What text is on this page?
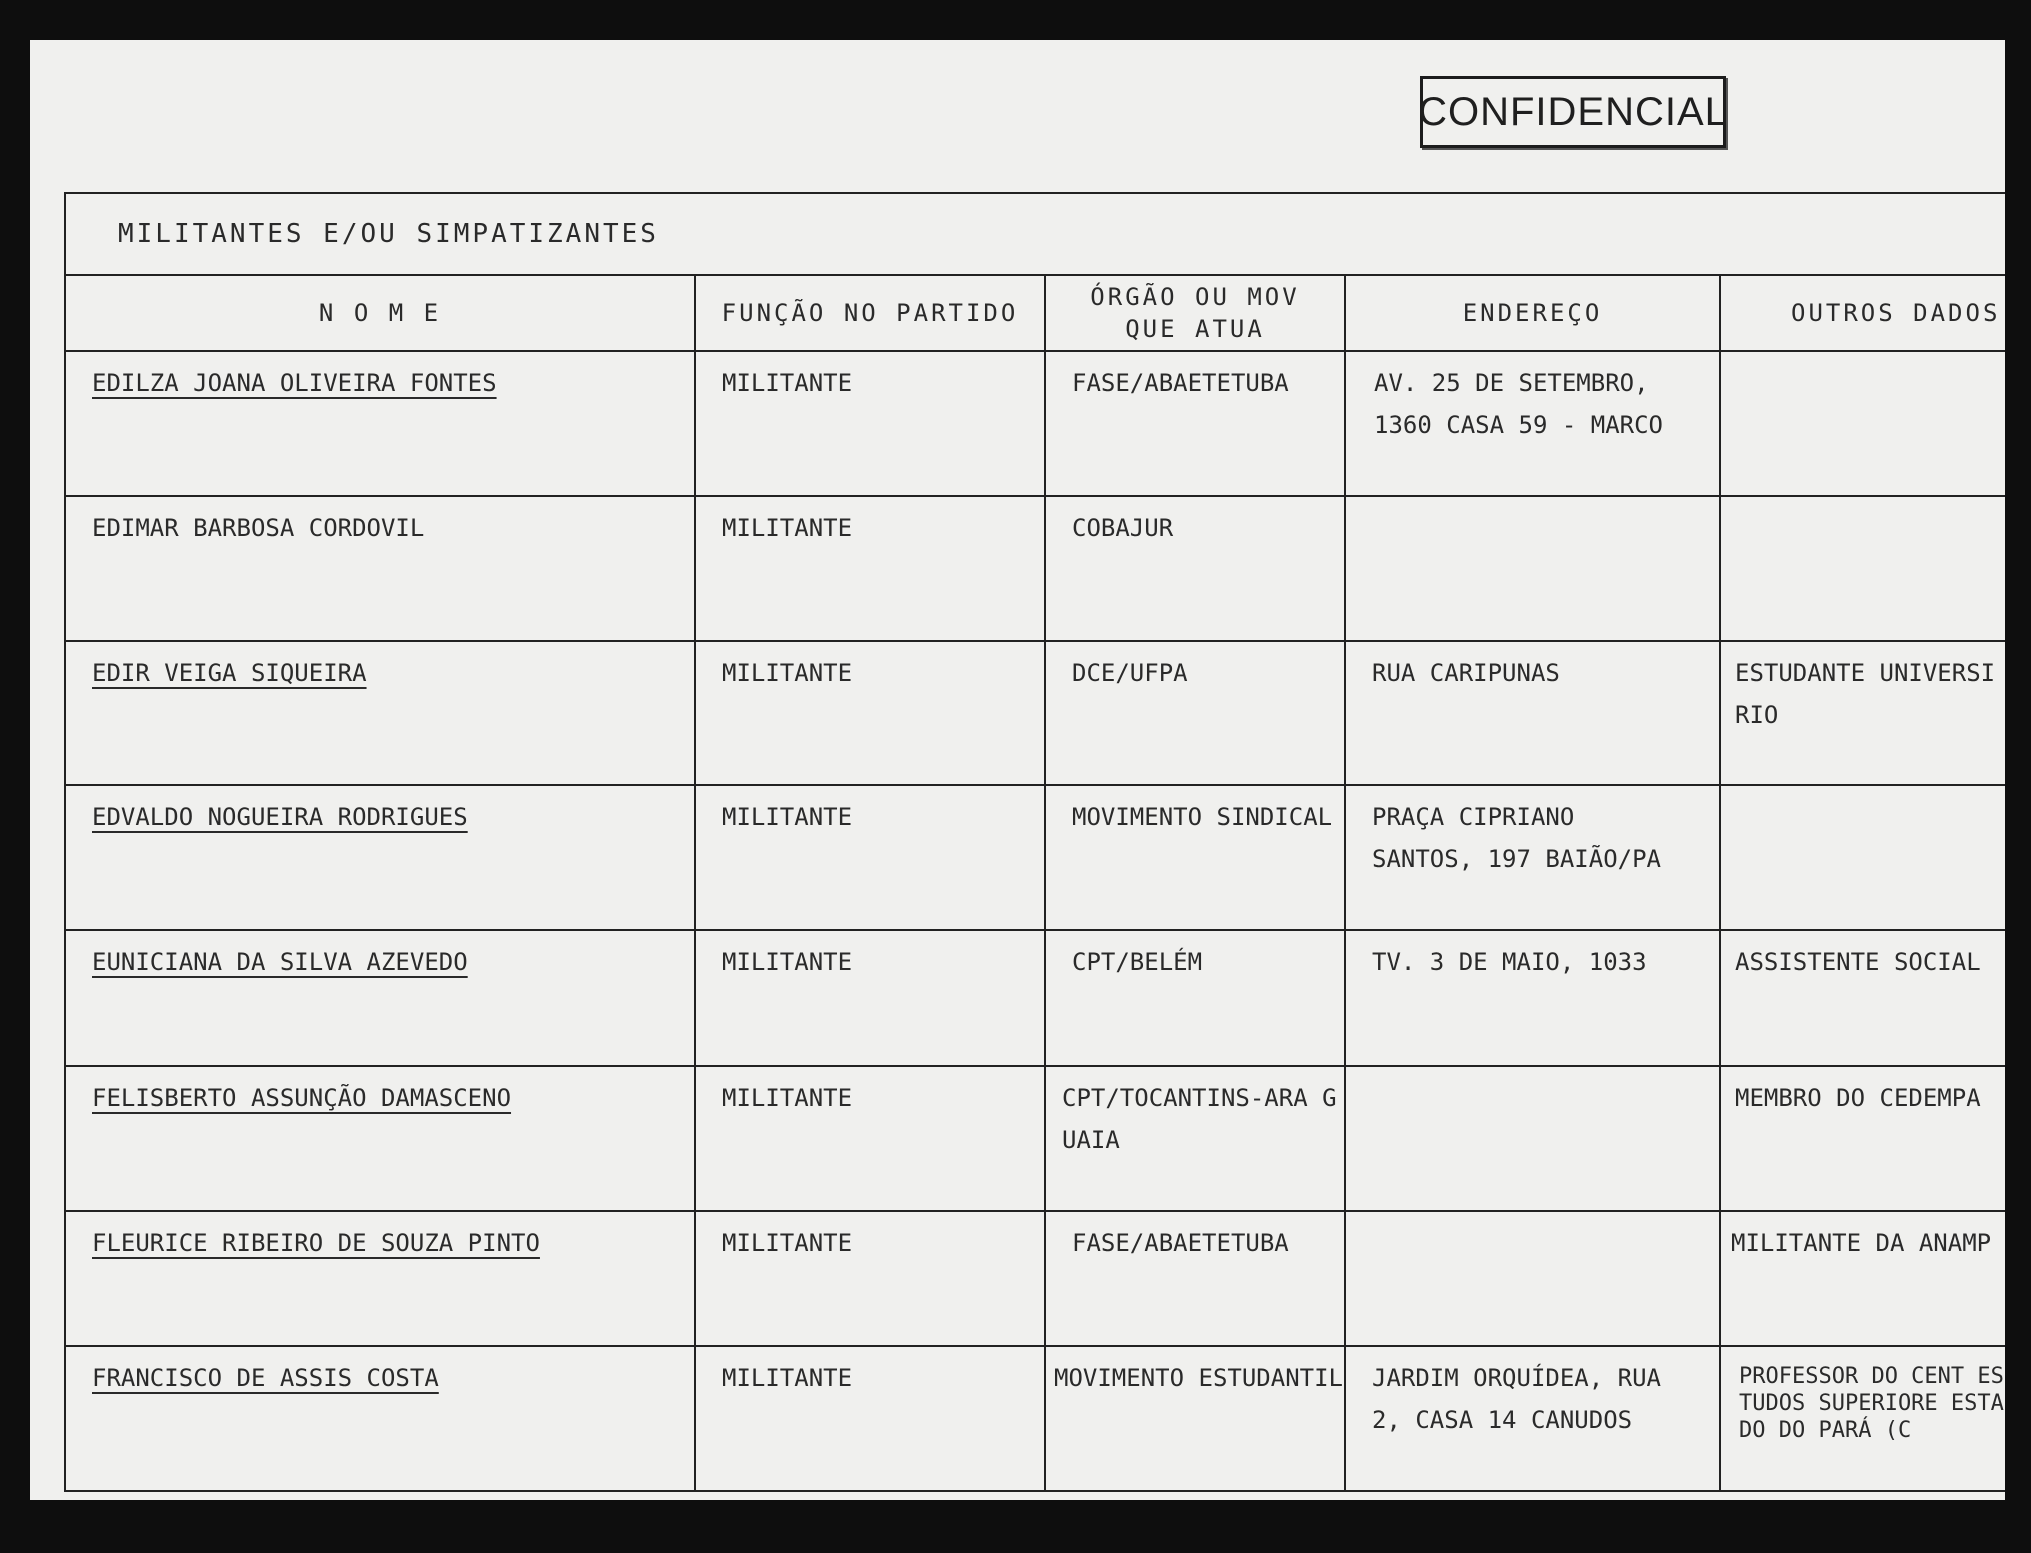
CONFIDENCIAL
MILITANTES E/OU SIMPATIZANTES				
N O M E	FUNÇÃO NO PARTIDO	ÓRGÃO OU MOV QUE ATUA	ENDEREÇO	OUTROS DADOS
EDILZA JOANA OLIVEIRA FONTES	MILITANTE	FASE/ABAETETUBA	AV. 25 DE SETEMBRO, 1360 CASA 59 - MARCO	
EDIMAR BARBOSA CORDOVIL	MILITANTE	COBAJUR		
EDIR VEIGA SIQUEIRA	MILITANTE	DCE/UFPA	RUA CARIPUNAS	ESTUDANTE UNIVERSI RIO
EDVALDO NOGUEIRA RODRIGUES	MILITANTE	MOVIMENTO SINDICAL	PRAÇA CIPRIANO SANTOS, 197 BAIÃO/PA	
EUNICIANA DA SILVA AZEVEDO	MILITANTE	CPT/BELÉM	TV. 3 DE MAIO, 1033	ASSISTENTE SOCIAL
FELISBERTO ASSUNÇÃO DAMASCENO	MILITANTE	CPT/TOCANTINS-ARA GUAIA		MEMBRO DO CEDEMPA
FLEURICE RIBEIRO DE SOUZA PINTO	MILITANTE	FASE/ABAETETUBA		MILITANTE DA ANAMP
FRANCISCO DE ASSIS COSTA	MILITANTE	MOVIMENTO ESTUDANTIL	JARDIM ORQUÍDEA, RUA 2, CASA 14 CANUDOS	PROFESSOR DO CENT ESTUDOS SUPERIORE ESTADO DO PARÁ (C
